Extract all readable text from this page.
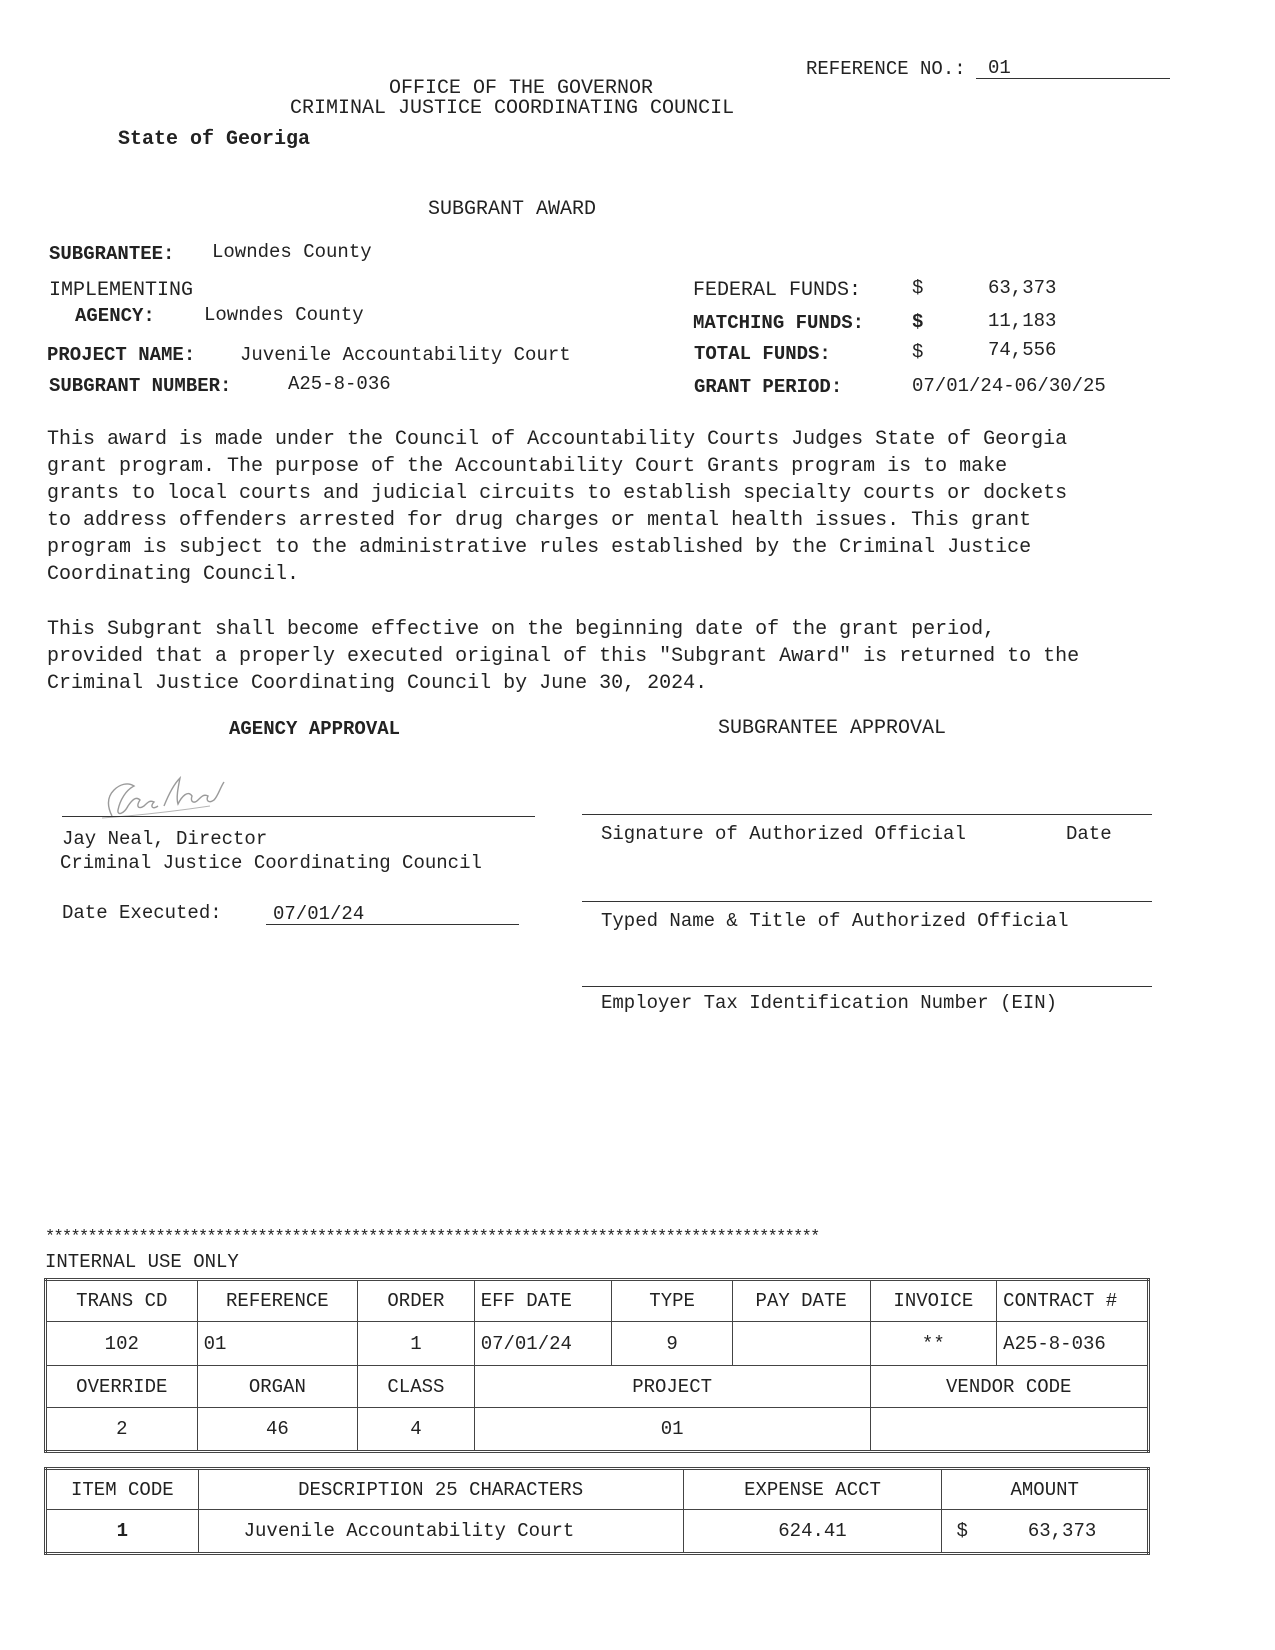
REFERENCE NO.: 01
OFFICE OF THE GOVERNOR
CRIMINAL JUSTICE COORDINATING COUNCIL
State of Georiga
SUBGRANT AWARD
SUBGRANTEE: Lowndes County
IMPLEMENTING
AGENCY:	Lowndes County
PROJECT NAME: Juvenile Accountability Court
SUBGRANT NUMBER:	A25-8-036
FEDERAL FUNDS:	$	63,373
MATCHING FUNDS:	$	11,183
TOTAL FUNDS:	$	74,556
GRANT PERIOD:	07/01/24-06/30/25
This award is made under the Council of Accountability Courts Judges State of Georgia
grant program. The purpose of the Accountability Court Grants program is to make
grants to local courts and judicial circuits to establish specialty courts or dockets
to address offenders arrested for drug charges or mental health issues. This grant
program is subject to the administrative rules established by the Criminal Justice
Coordinating Council.
This Subgrant shall become effective on the beginning date of the grant period,
provided that a properly executed original of this "Subgrant Award" is returned to the
Criminal Justice Coordinating Council by June 30, 2024.
AGENCY APPROVAL	SUBGRANTEE APPROVAL
Jay Neal, Director
Criminal Justice Coordinating Council
Date Executed:	07/01/24
Signature of Authorized Official	Date
Typed Name & Title of Authorized Official
Employer Tax Identification Number (EIN)
*******************************************************************************************
INTERNAL USE ONLY
TRANS CD	REFERENCE	ORDER	EFF DATE	TYPE	PAY DATE	INVOICE	CONTRACT #
102	01	1	07/01/24	9		**	A25-8-036
OVERRIDE	ORGAN	CLASS	PROJECT			VENDOR CODE	
2	46	4	01				
ITEM CODE	DESCRIPTION 25 CHARACTERS	EXPENSE ACCT	AMOUNT
1	Juvenile Accountability Court	624.41	$ 63,373
